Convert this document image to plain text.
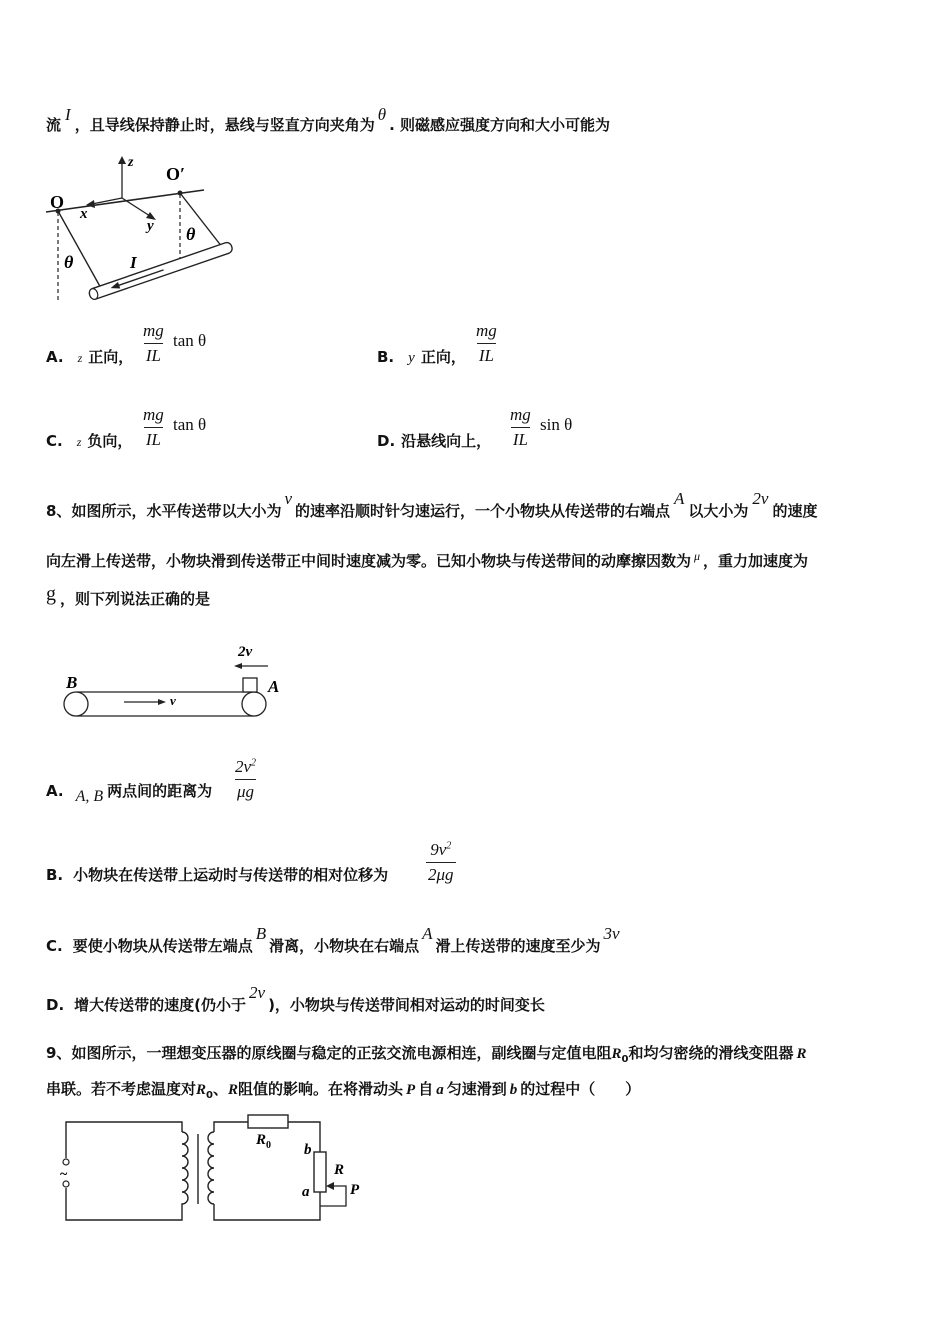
流I，且导线保持静止时，悬线与竖直方向夹角为θ. 则磁感应强度方向和大小可能为
O
O′
z
x
y
θ
θ
I
A. z 正向， $\frac{mg}{IL}$ tan θ
B. y 正向， $\frac{mg}{IL}$
C. z 负向， $\frac{mg}{IL}$ tan θ
D. 沿悬线向上， $\frac{mg}{IL}$ sin θ
8、如图所示，水平传送带以大小为v的速率沿顺时针匀速运行，一个小物块从传送带的右端点A以大小为2v的速度
向左滑上传送带，小物块滑到传送带正中间时速度减为零。已知小物块与传送带间的动摩擦因数为 $^\mu$ ，重力加速度为
g ，则下列说法正确的是
B	A
v
2v
A. A, B 两点间的距离为 $\frac{2v^2}{\mu g}$
B. 小物块在传送带上运动时与传送带的相对位移为 $\frac{9v^2}{2\mu g}$
C. 要使小物块从传送带左端点B滑离，小物块在右端点A滑上传送带的速度至少为3v
D. 增大传送带的速度(仍小于2v)，小物块与传送带间相对运动的时间变长
9、如图所示，一理想变压器的原线圈与稳定的正弦交流电源相连，副线圈与定值电阻$R_0$和均匀密绕的滑线变阻器 R
串联。若不考虑温度对$R_0$、R阻值的影响。在将滑动头 P 自 a 匀速滑到 b 的过程中（　　）
~
$R_0$ b
R
a	P
